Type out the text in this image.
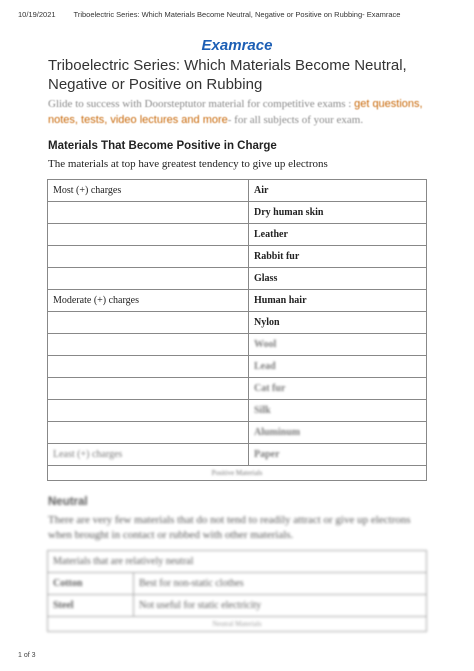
10/19/2021	Triboelectric Series: Which Materials Become Neutral, Negative or Positive on Rubbing- Examrace
Examrace
Triboelectric Series: Which Materials Become Neutral, Negative or Positive on Rubbing
Glide to success with Doorsteptutor material for competitive exams : get questions, notes, tests, video lectures and more- for all subjects of your exam.
Materials That Become Positive in Charge
The materials at top have greatest tendency to give up electrons
Most (+) charges	Air
	Dry human skin
	Leather
	Rabbit fur
	Glass
Moderate (+) charges	Human hair
	Nylon
	Wool
	Lead
	Cat fur
	Silk
	Aluminum
Least (+) charges	Paper
Positive Materials	
Neutral
There are very few materials that do not tend to readily attract or give up electrons when brought in contact or rubbed with other materials.
Materials that are relatively neutral	
Cotton	Best for non-static clothes
Steel	Not useful for static electricity
Neutral Materials	
1 of 3
